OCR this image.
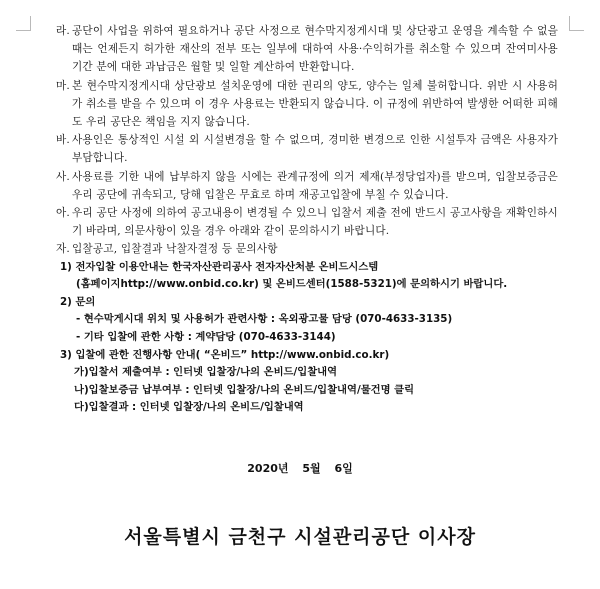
라. 공단이 사업을 위하여 필요하거나 공단 사정으로 현수막지정게시대 및 상단광고 운영을 계속할 수 없을 때는 언제든지 허가한 재산의 전부 또는 일부에 대하여 사용·수익허가를 취소할 수 있으며 잔여미사용 기간 분에 대한 과납금은 월할 및 일할 계산하여 반환합니다.
마. 본 현수막지정게시대 상단광보 설치운영에 대한 권리의 양도, 양수는 일체 불허합니다. 위반 시 사용허가 취소를 받을 수 있으며 이 경우 사용료는 반환되지 않습니다. 이 규정에 위반하여 발생한 어떠한 피해도 우리 공단은 책임을 지지 않습니다.
바. 사용인은 통상적인 시설 외 시설변경을 할 수 없으며, 경미한 변경으로 인한 시설투자 금액은 사용자가 부담합니다.
사. 사용료를 기한 내에 납부하지 않을 시에는 관계규정에 의거 제재(부정당업자)를 받으며, 입찰보증금은 우리 공단에 귀속되고, 당해 입찰은 무효로 하며 재공고입찰에 부칠 수 있습니다.
아. 우리 공단 사정에 의하여 공고내용이 변경될 수 있으니 입찰서 제출 전에 반드시 공고사항을 재확인하시기 바라며, 의문사항이 있을 경우 아래와 같이 문의하시기 바랍니다.
자. 입찰공고, 입찰결과 낙찰자결정 등 문의사항
1) 전자입찰 이용안내는 한국자산관리공사 전자자산처분 온비드시스템
(홈페이지http://www.onbid.co.kr) 및 온비드센터(1588-5321)에 문의하시기 바랍니다.
2) 문의
- 현수막게시대 위치 및 사용허가 관련사항 : 옥외광고물 담당 (070-4633-3135)
- 기타 입찰에 관한 사항 : 계약담당 (070-4633-3144)
3) 입찰에 관한 진행사항 안내( “온비드” http://www.onbid.co.kr)
가)입찰서 제출여부 : 인터넷 입찰장/나의 온비드/입찰내역
나)입찰보증금 납부여부 : 인터넷 입찰장/나의 온비드/입찰내역/물건명 클릭
다)입찰결과 : 인터넷 입찰장/나의 온비드/입찰내역
2020년 5월 6일
서울특별시 금천구 시설관리공단 이사장
